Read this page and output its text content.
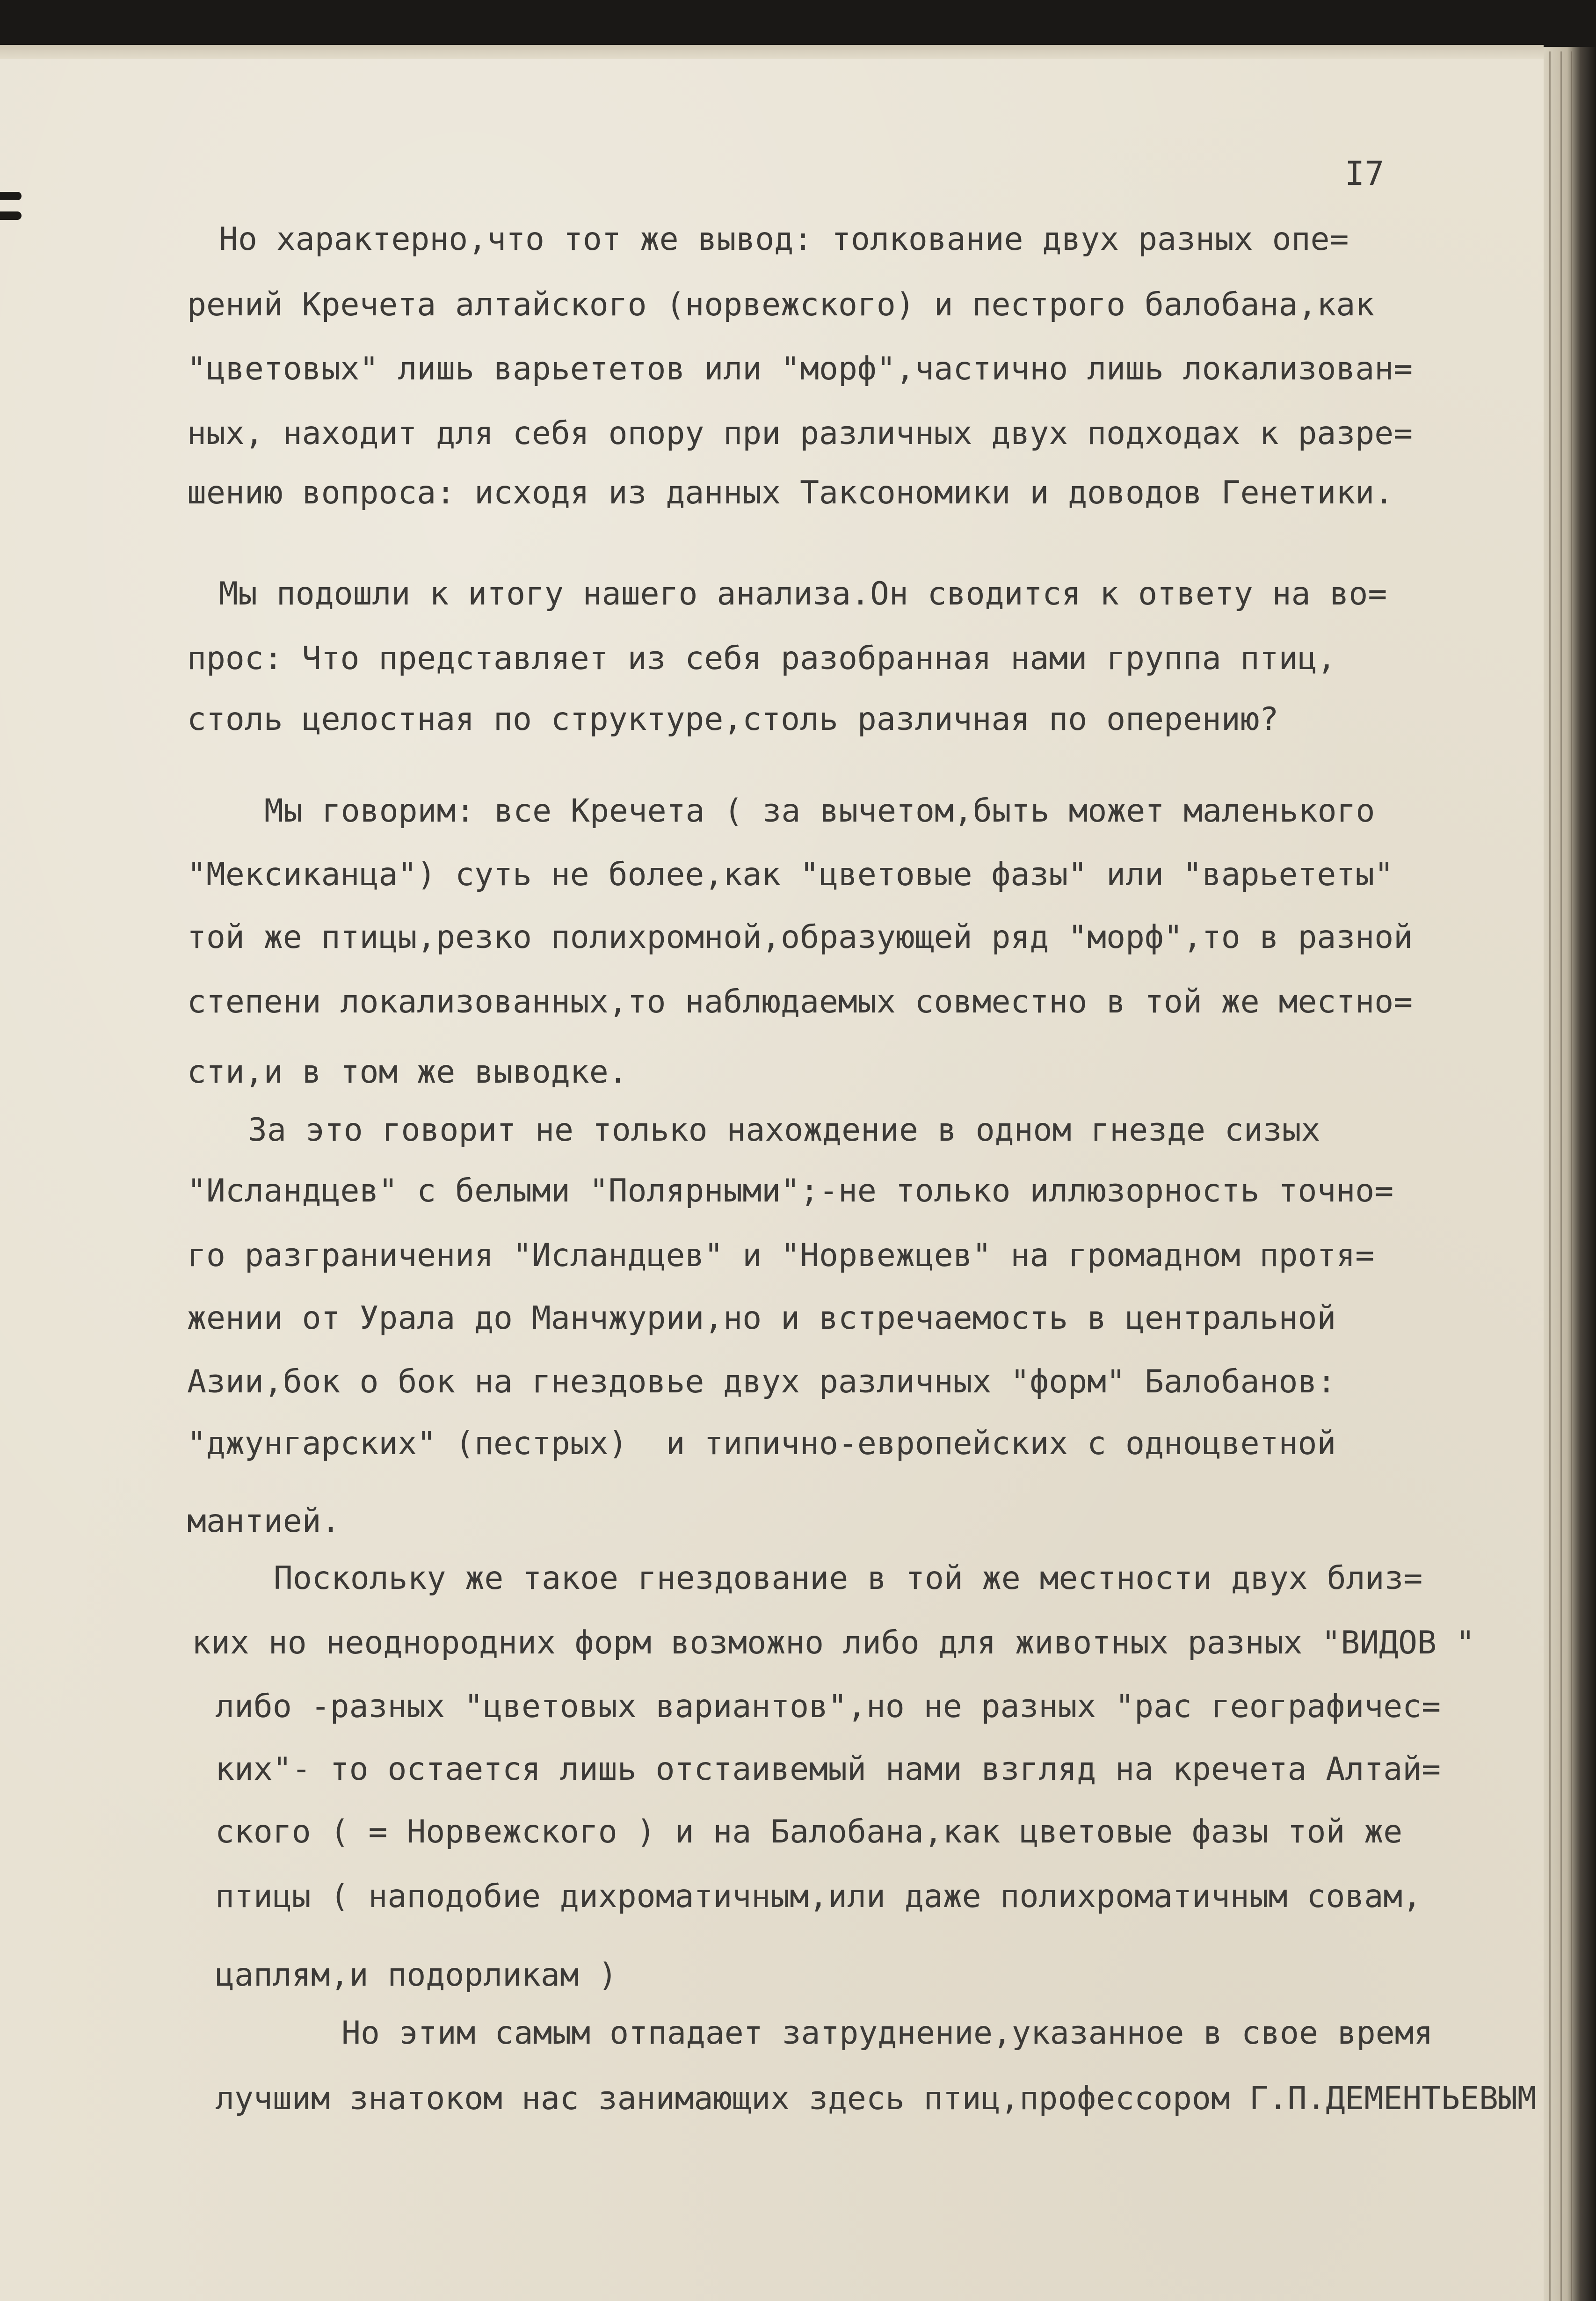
I7
Но характерно,что тот же вывод: толкование двух разных опе=
рений Кречета алтайского (норвежского) и пестрого балобана,как
"цветовых" лишь варьететов или "морф",частично лишь локализован=
ных, находит для себя опору при различных двух подходах к разре=
шению вопроса: исходя из данных Таксономики и доводов Генетики.
Мы подошли к итогу нашего анализа.Он сводится к ответу на во=
прос: Что представляет из себя разобранная нами группа птиц,
столь целостная по структуре,столь различная по оперению?
Мы говорим: все Кречета ( за вычетом,быть может маленького
"Мексиканца") суть не более,как "цветовые фазы" или "варьететы"
той же птицы,резко полихромной,образующей ряд "морф",то в разной
степени локализованных,то наблюдаемых совместно в той же местно=
сти,и в том же выводке.
За это говорит не только нахождение в одном гнезде сизых
"Исландцев" с белыми "Полярными";-не только иллюзорность точно=
го разграничения "Исландцев" и "Норвежцев" на громадном протя=
жении от Урала до Манчжурии,но и встречаемость в центральной
Азии,бок о бок на гнездовье двух различных "форм" Балобанов:
"джунгарских" (пестрых)  и типично-европейских с одноцветной
мантией.
Поскольку же такое гнездование в той же местности двух близ=
ких но неоднородних форм возможно либо для животных разных "ВИДОВ "
либо -разных "цветовых вариантов",но не разных "рас географичес=
ких"- то остается лишь отстаивемый нами взгляд на кречета Алтай=
ского ( = Норвежского ) и на Балобана,как цветовые фазы той же
птицы ( наподобие дихроматичным,или даже полихроматичным совам,
цаплям,и подорликам )
Но этим самым отпадает затруднение,указанное в свое время
лучшим знатоком нас занимающих здесь птиц,профессором Г.П.ДЕМЕНТЬЕВЫМ
